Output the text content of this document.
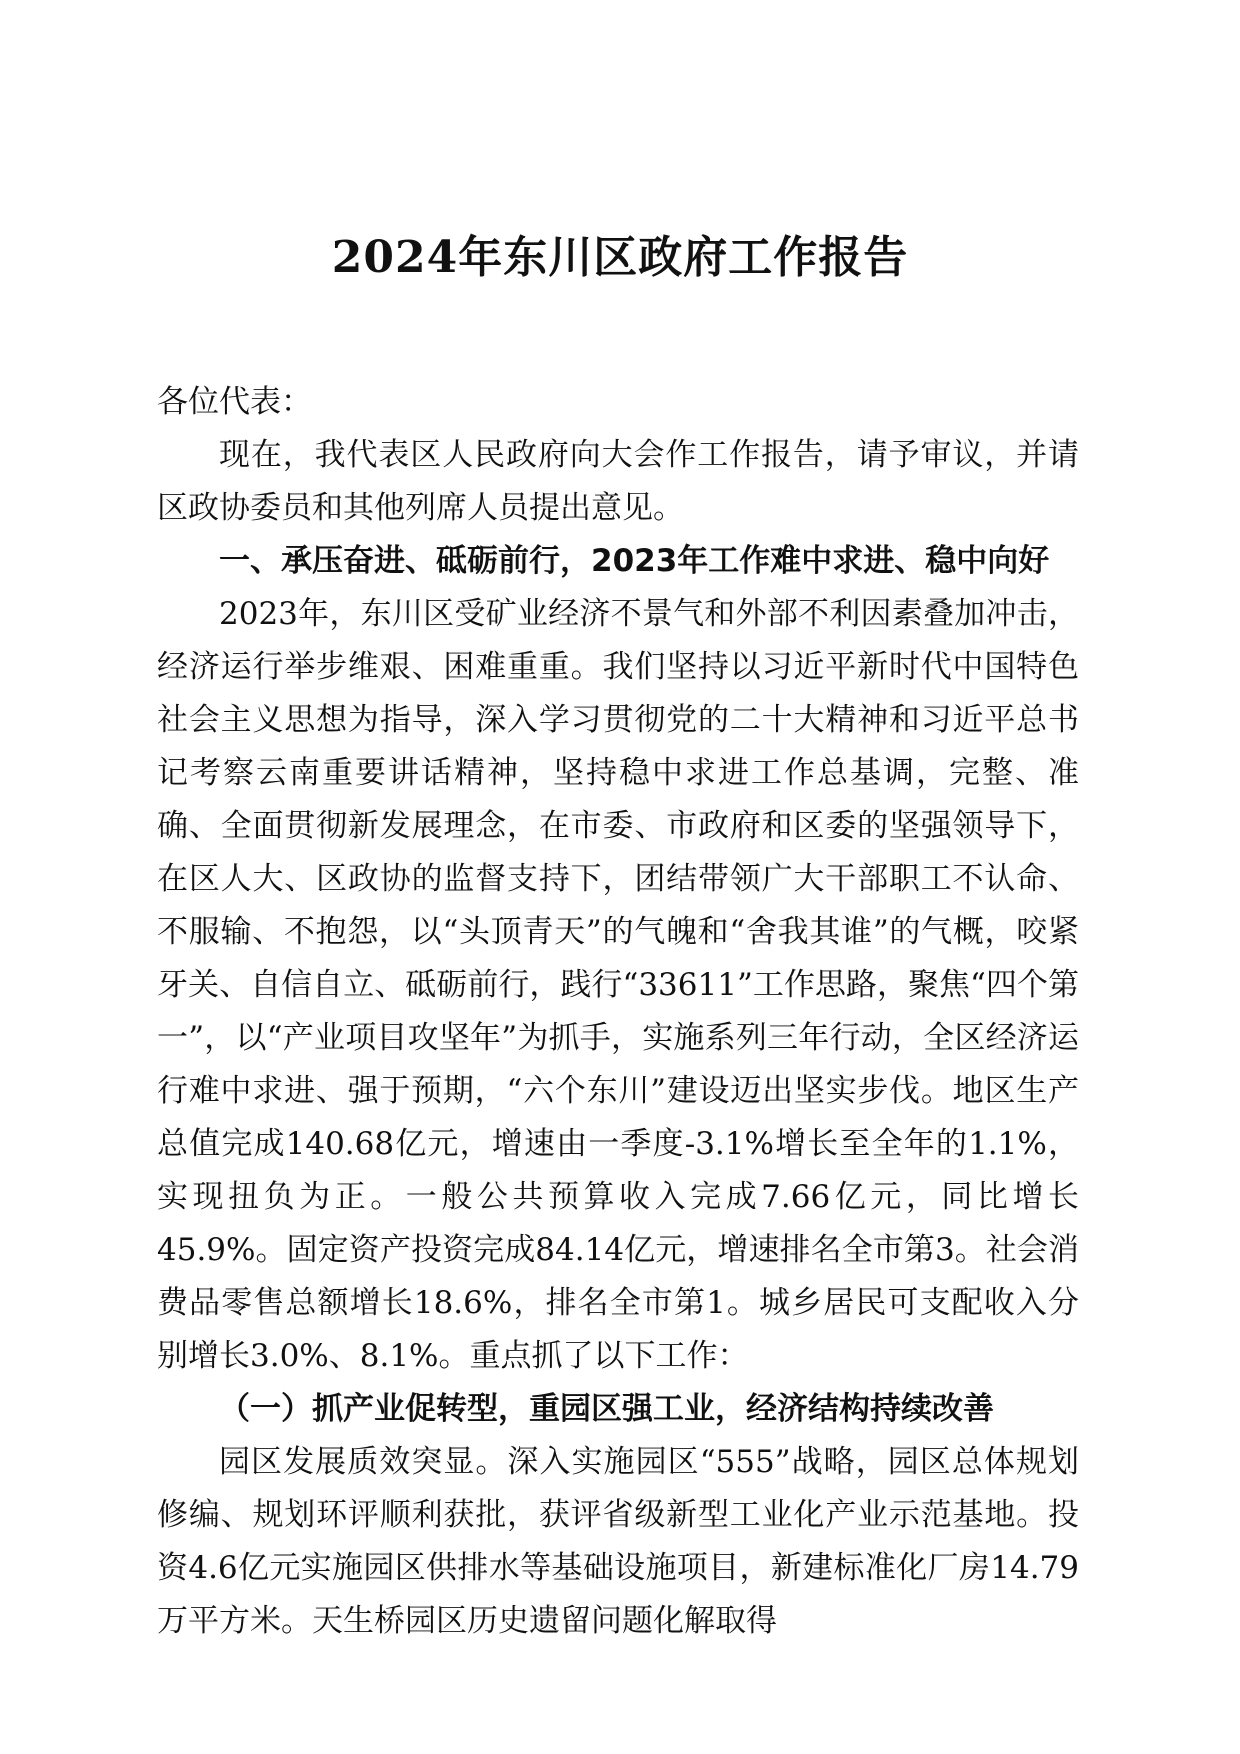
2024年东川区政府工作报告

各位代表：

现在，我代表区人民政府向大会作工作报告，请予审议，并请区政协委员和其他列席人员提出意见。

一、承压奋进、砥砺前行，2023年工作难中求进、稳中向好

2023年，东川区受矿业经济不景气和外部不利因素叠加冲击，经济运行举步维艰、困难重重。我们坚持以习近平新时代中国特色社会主义思想为指导，深入学习贯彻党的二十大精神和习近平总书记考察云南重要讲话精神，坚持稳中求进工作总基调，完整、准确、全面贯彻新发展理念，在市委、市政府和区委的坚强领导下，在区人大、区政协的监督支持下，团结带领广大干部职工不认命、不服输、不抱怨，以“头顶青天”的气魄和“舍我其谁”的气概，咬紧牙关、自信自立、砥砺前行，践行“33611”工作思路，聚焦“四个第一”，以“产业项目攻坚年”为抓手，实施系列三年行动，全区经济运行难中求进、强于预期，“六个东川”建设迈出坚实步伐。地区生产总值完成140.68亿元，增速由一季度-3.1%增长至全年的1.1%，实现扭负为正。一般公共预算收入完成7.66亿元，同比增长45.9%。固定资产投资完成84.14亿元，增速排名全市第3。社会消费品零售总额增长18.6%，排名全市第1。城乡居民可支配收入分别增长3.0%、8.1%。重点抓了以下工作：

（一）抓产业促转型，重园区强工业，经济结构持续改善

园区发展质效突显。深入实施园区“555”战略，园区总体规划修编、规划环评顺利获批，获评省级新型工业化产业示范基地。投资4.6亿元实施园区供排水等基础设施项目，新建标准化厂房14.79万平方米。天生桥园区历史遗留问题化解取得
